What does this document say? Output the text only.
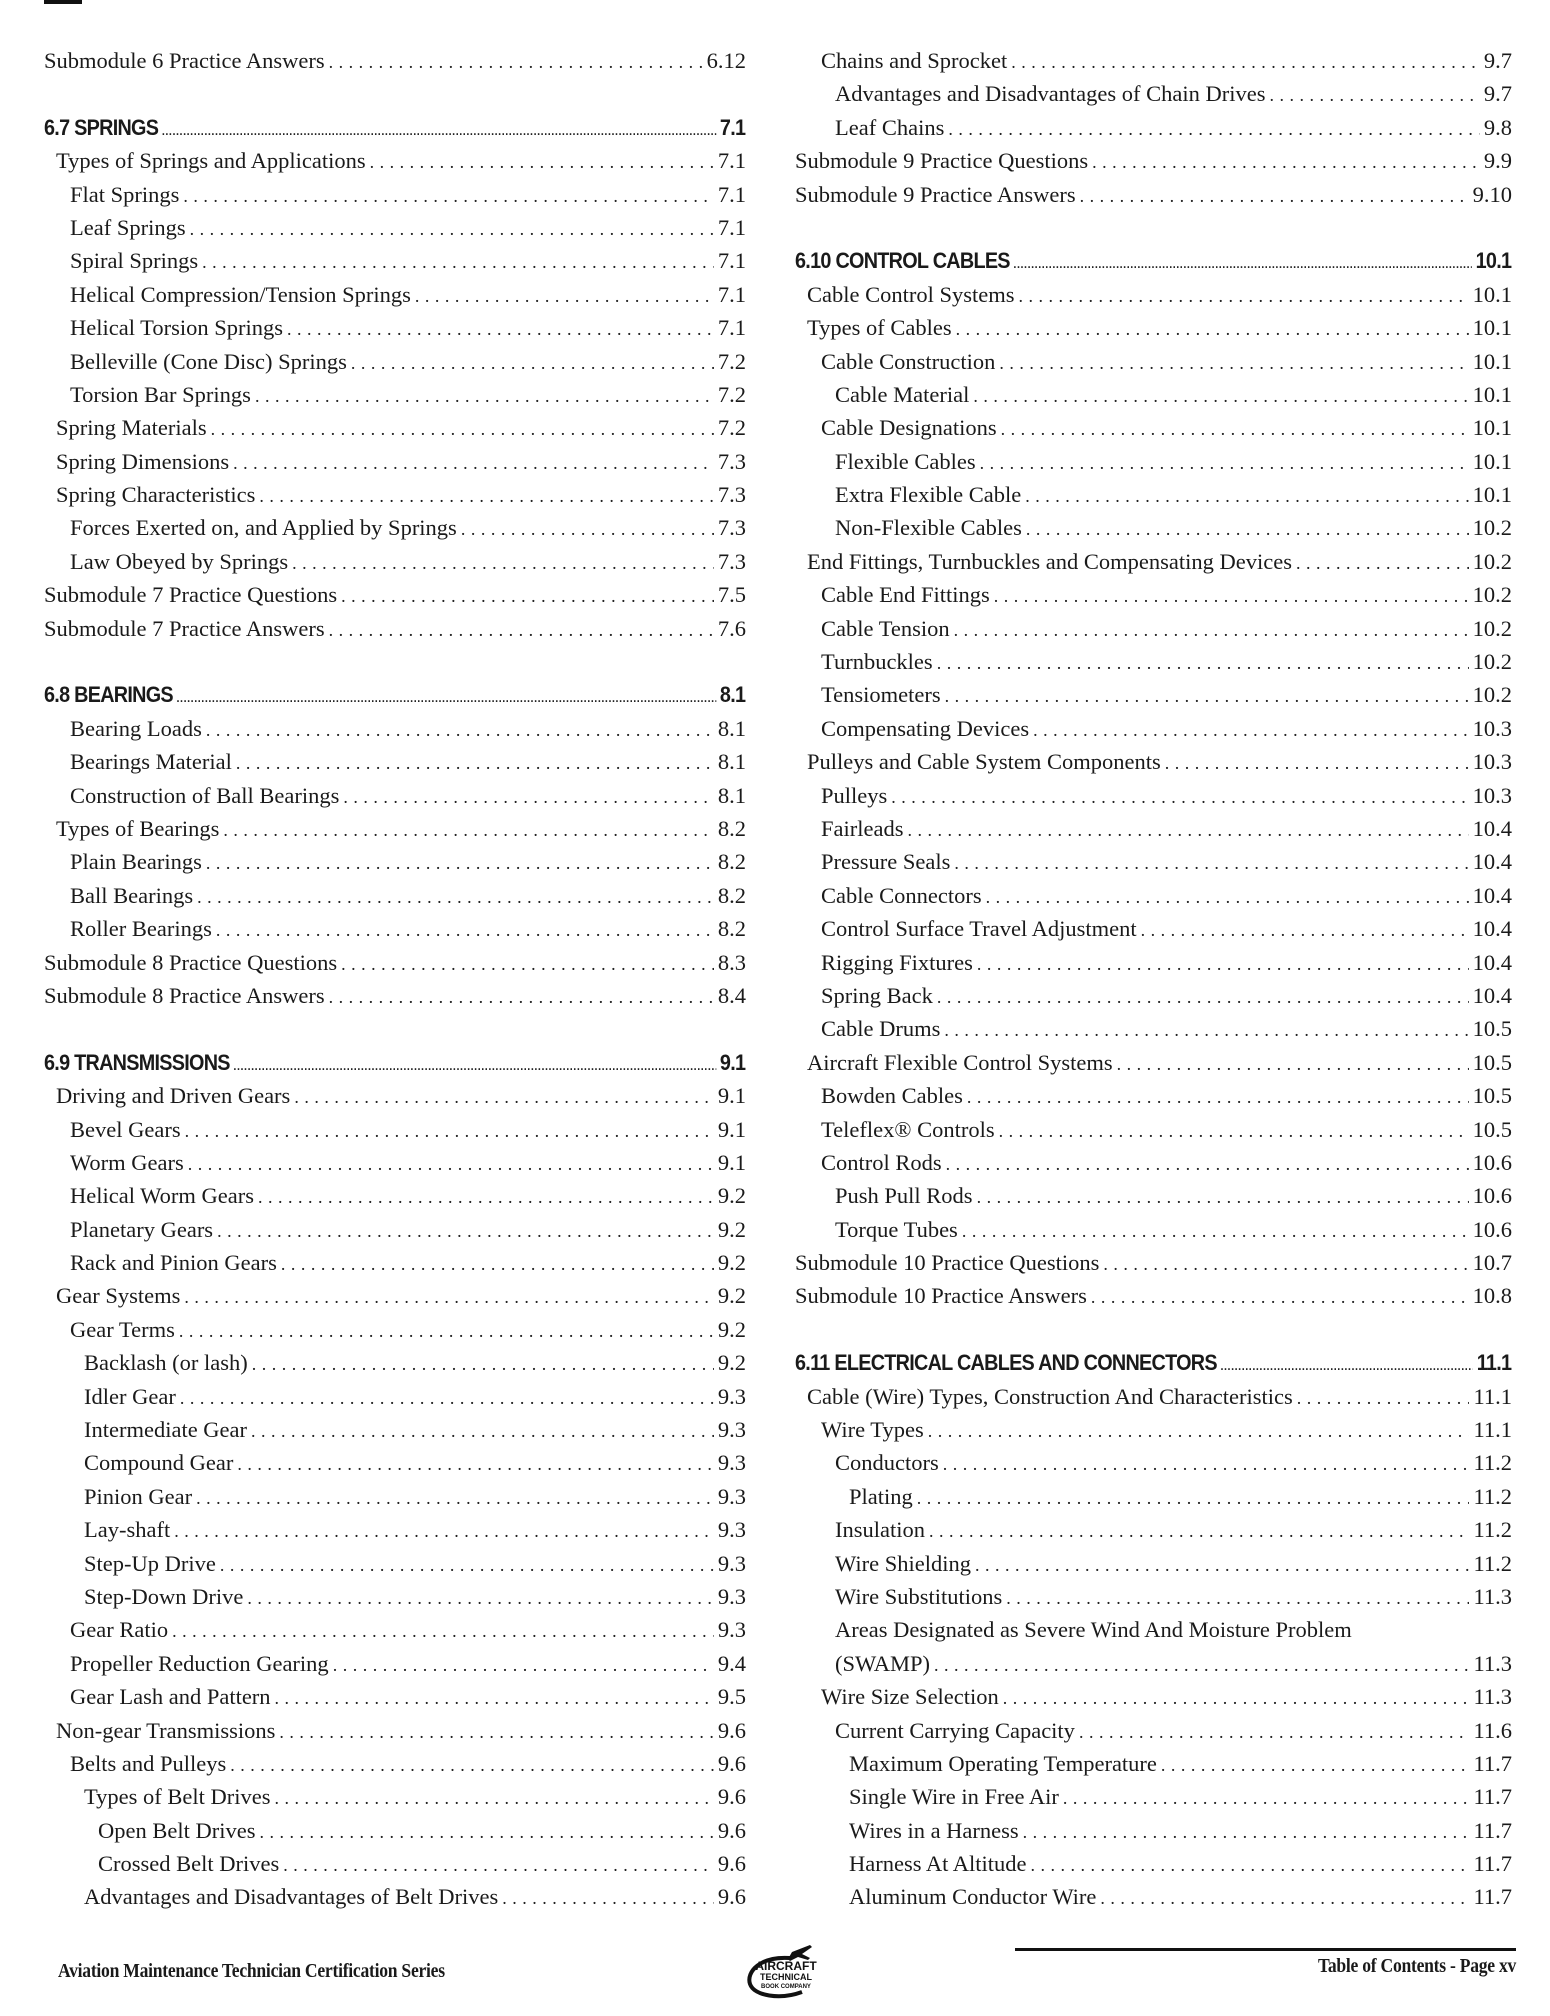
Submodule 6 Practice Answers . . .	6.12
6.7 SPRINGS .....	7.1
Types of Springs and Applications . . .	7.1
Flat Springs . . .	7.1
Leaf Springs . . .	7.1
Spiral Springs . . .	7.1
Helical Compression/Tension Springs . . .	7.1
Helical Torsion Springs . . .	7.1
Belleville (Cone Disc) Springs . . .	7.2
Torsion Bar Springs . . .	7.2
Spring Materials . . .	7.2
Spring Dimensions . . .	7.3
Spring Characteristics . . .	7.3
Forces Exerted on, and Applied by Springs . . .	7.3
Law Obeyed by Springs . . .	7.3
Submodule 7 Practice Questions . . .	7.5
Submodule 7 Practice Answers . . .	7.6
6.8 BEARINGS .....	8.1
Bearing Loads . . .	8.1
Bearings Material . . .	8.1
Construction of Ball Bearings . . .	8.1
Types of Bearings . . .	8.2
Plain Bearings . . .	8.2
Ball Bearings . . .	8.2
Roller Bearings . . .	8.2
Submodule 8 Practice Questions . . .	8.3
Submodule 8 Practice Answers . . .	8.4
6.9 TRANSMISSIONS .....	9.1
Driving and Driven Gears . . .	9.1
Bevel Gears . . .	9.1
Worm Gears . . .	9.1
Helical Worm Gears . . .	9.2
Planetary Gears . . .	9.2
Rack and Pinion Gears . . .	9.2
Gear Systems . . .	9.2
Gear Terms . . .	9.2
Backlash (or lash) . . .	9.2
Idler Gear . . .	9.3
Intermediate Gear . . .	9.3
Compound Gear . . .	9.3
Pinion Gear . . .	9.3
Lay-shaft . . .	9.3
Step-Up Drive . . .	9.3
Step-Down Drive . . .	9.3
Gear Ratio . . .	9.3
Propeller Reduction Gearing . . .	9.4
Gear Lash and Pattern . . .	9.5
Non-gear Transmissions . . .	9.6
Belts and Pulleys . . .	9.6
Types of Belt Drives . . .	9.6
Open Belt Drives . . .	9.6
Crossed Belt Drives . . .	9.6
Advantages and Disadvantages of Belt Drives . . .	9.6
Chains and Sprocket . . .	9.7
Advantages and Disadvantages of Chain Drives . . .	9.7
Leaf Chains . . .	9.8
Submodule 9 Practice Questions . . .	9.9
Submodule 9 Practice Answers . . .	9.10
6.10 CONTROL CABLES .....	10.1
Cable Control Systems . . .	10.1
Types of Cables . . .	10.1
Cable Construction . . .	10.1
Cable Material . . .	10.1
Cable Designations . . .	10.1
Flexible Cables . . .	10.1
Extra Flexible Cable . . .	10.1
Non-Flexible Cables . . .	10.2
End Fittings, Turnbuckles and Compensating Devices . . .	10.2
Cable End Fittings . . .	10.2
Cable Tension . . .	10.2
Turnbuckles . . .	10.2
Tensiometers . . .	10.2
Compensating Devices . . .	10.3
Pulleys and Cable System Components . . .	10.3
Pulleys . . .	10.3
Fairleads . . .	10.4
Pressure Seals . . .	10.4
Cable Connectors . . .	10.4
Control Surface Travel Adjustment . . .	10.4
Rigging Fixtures . . .	10.4
Spring Back . . .	10.4
Cable Drums . . .	10.5
Aircraft Flexible Control Systems . . .	10.5
Bowden Cables . . .	10.5
Teleflex® Controls . . .	10.5
Control Rods . . .	10.6
Push Pull Rods . . .	10.6
Torque Tubes . . .	10.6
Submodule 10 Practice Questions . . .	10.7
Submodule 10 Practice Answers . . .	10.8
6.11 ELECTRICAL CABLES AND CONNECTORS .....	11.1
Cable (Wire) Types, Construction And Characteristics . . .	11.1
Wire Types . . .	11.1
Conductors . . .	11.2
Plating . . .	11.2
Insulation . . .	11.2
Wire Shielding . . .	11.2
Wire Substitutions . . .	11.3
Areas Designated as Severe Wind And Moisture Problem
(SWAMP) . . .	11.3
Wire Size Selection . . .	11.3
Current Carrying Capacity . . .	11.6
Maximum Operating Temperature . . .	11.7
Single Wire in Free Air . . .	11.7
Wires in a Harness . . .	11.7
Harness At Altitude . . .	11.7
Aluminum Conductor Wire . . .	11.7
Aviation Maintenance Technician Certification Series	AIRCRAFT
TECHNICAL
BOOK COMPANY
Table of Contents - Page xv
